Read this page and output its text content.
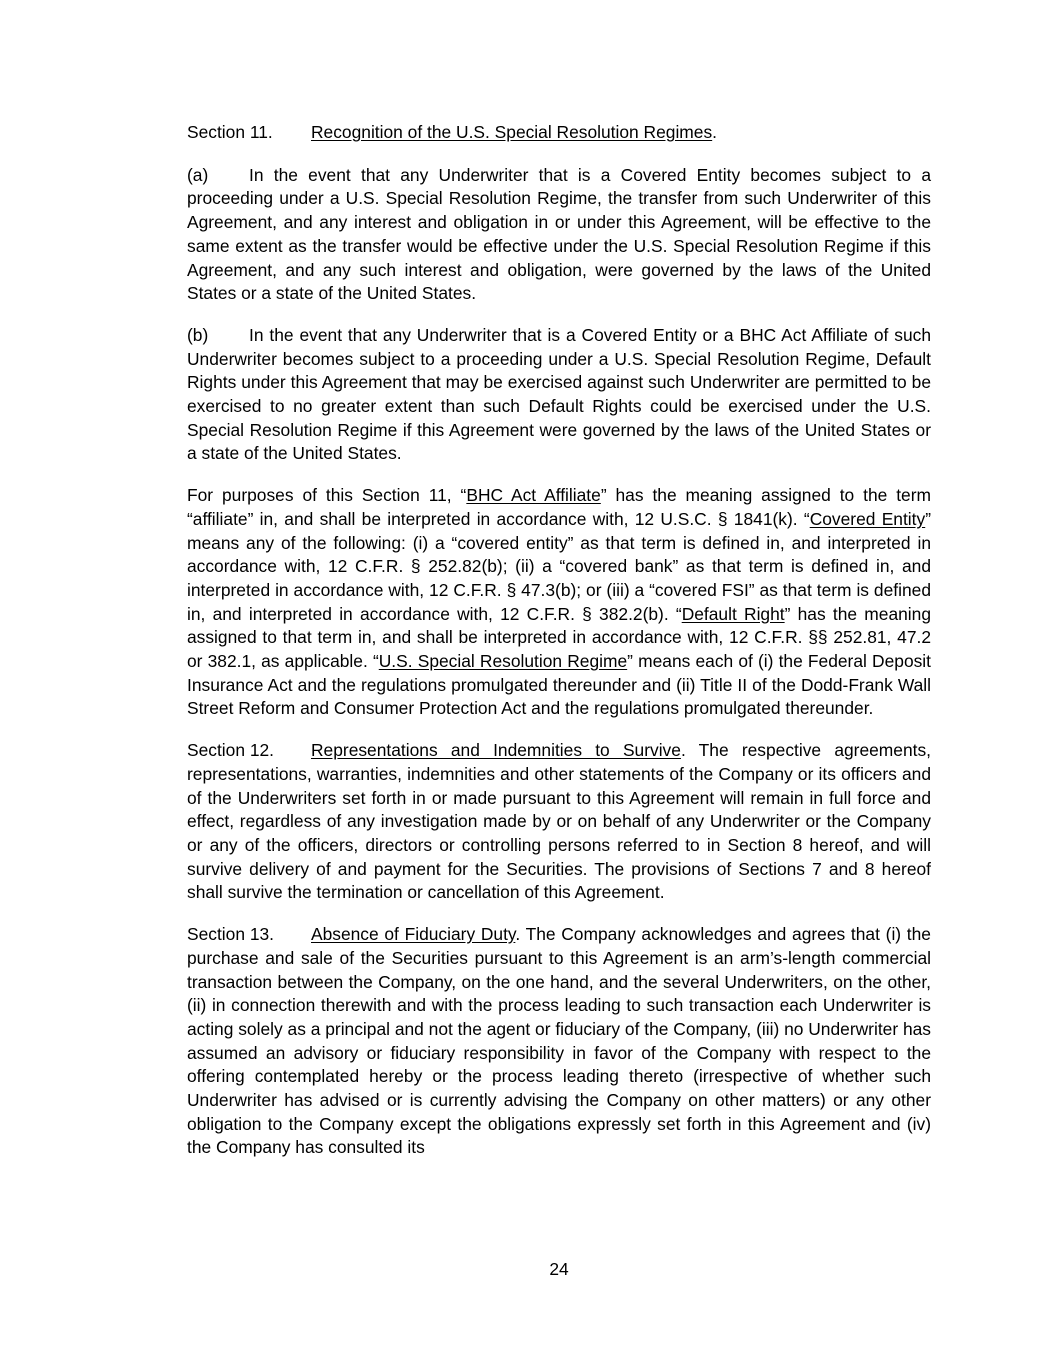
Section 11. Recognition of the U.S. Special Resolution Regimes.

(a) In the event that any Underwriter that is a Covered Entity becomes subject to a proceeding under a U.S. Special Resolution Regime, the transfer from such Underwriter of this Agreement, and any interest and obligation in or under this Agreement, will be effective to the same extent as the transfer would be effective under the U.S. Special Resolution Regime if this Agreement, and any such interest and obligation, were governed by the laws of the United States or a state of the United States.

(b) In the event that any Underwriter that is a Covered Entity or a BHC Act Affiliate of such Underwriter becomes subject to a proceeding under a U.S. Special Resolution Regime, Default Rights under this Agreement that may be exercised against such Underwriter are permitted to be exercised to no greater extent than such Default Rights could be exercised under the U.S. Special Resolution Regime if this Agreement were governed by the laws of the United States or a state of the United States.

For purposes of this Section 11, “BHC Act Affiliate” has the meaning assigned to the term “affiliate” in, and shall be interpreted in accordance with, 12 U.S.C. § 1841(k). “Covered Entity” means any of the following: (i) a “covered entity” as that term is defined in, and interpreted in accordance with, 12 C.F.R. § 252.82(b); (ii) a “covered bank” as that term is defined in, and interpreted in accordance with, 12 C.F.R. § 47.3(b); or (iii) a “covered FSI” as that term is defined in, and interpreted in accordance with, 12 C.F.R. § 382.2(b). “Default Right” has the meaning assigned to that term in, and shall be interpreted in accordance with, 12 C.F.R. §§ 252.81, 47.2 or 382.1, as applicable. “U.S. Special Resolution Regime” means each of (i) the Federal Deposit Insurance Act and the regulations promulgated thereunder and (ii) Title II of the Dodd-Frank Wall Street Reform and Consumer Protection Act and the regulations promulgated thereunder.

Section 12. Representations and Indemnities to Survive. The respective agreements, representations, warranties, indemnities and other statements of the Company or its officers and of the Underwriters set forth in or made pursuant to this Agreement will remain in full force and effect, regardless of any investigation made by or on behalf of any Underwriter or the Company or any of the officers, directors or controlling persons referred to in Section 8 hereof, and will survive delivery of and payment for the Securities. The provisions of Sections 7 and 8 hereof shall survive the termination or cancellation of this Agreement.

Section 13. Absence of Fiduciary Duty. The Company acknowledges and agrees that (i) the purchase and sale of the Securities pursuant to this Agreement is an arm’s-length commercial transaction between the Company, on the one hand, and the several Underwriters, on the other, (ii) in connection therewith and with the process leading to such transaction each Underwriter is acting solely as a principal and not the agent or fiduciary of the Company, (iii) no Underwriter has assumed an advisory or fiduciary responsibility in favor of the Company with respect to the offering contemplated hereby or the process leading thereto (irrespective of whether such Underwriter has advised or is currently advising the Company on other matters) or any other obligation to the Company except the obligations expressly set forth in this Agreement and (iv) the Company has consulted its

24
